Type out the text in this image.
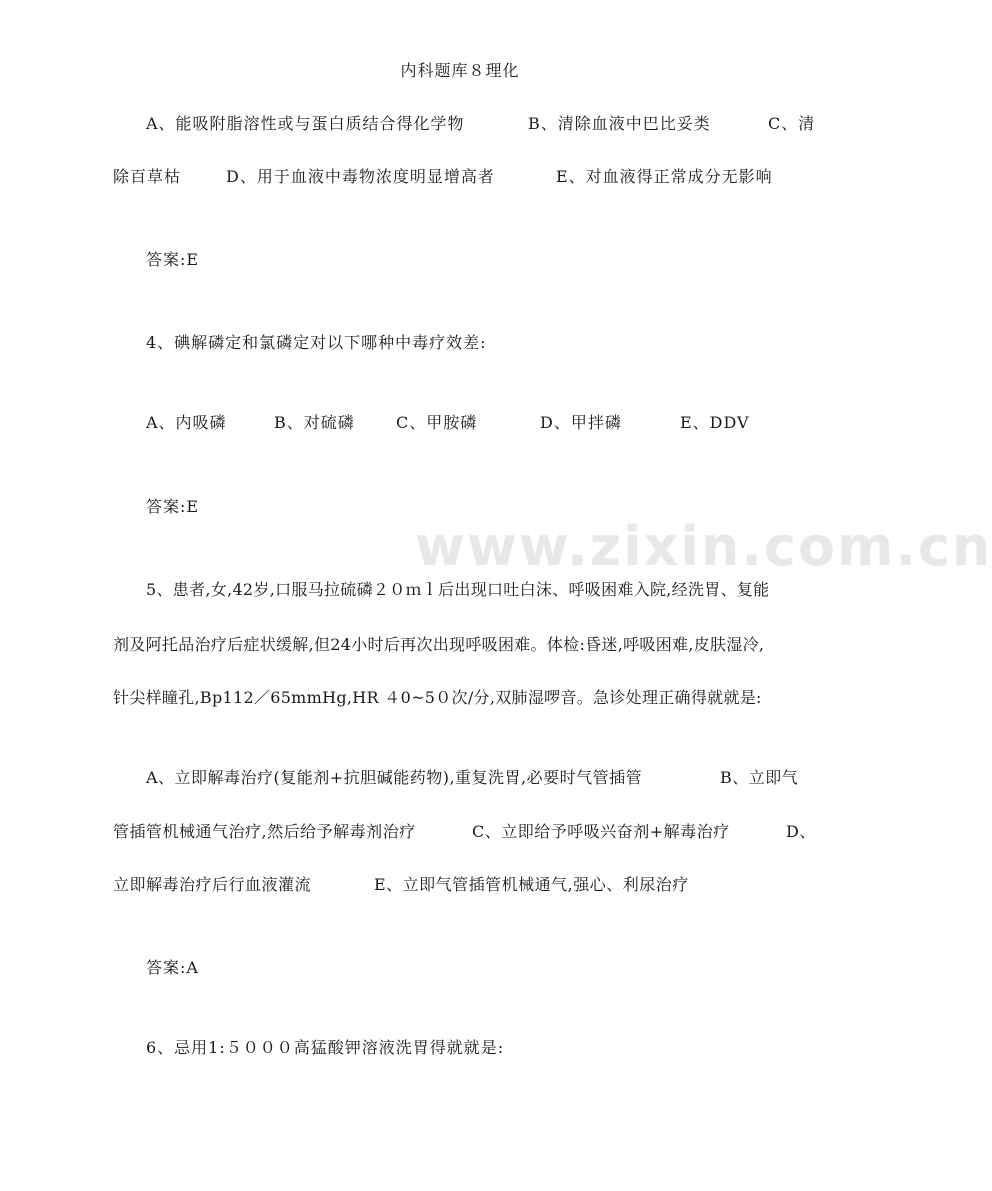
www.zixin.com.cn
内科题库８理化
A、能吸附脂溶性或与蛋白质结合得化学物	B、清除血液中巴比妥类	C、清
除百草枯	D、用于血液中毒物浓度明显增高者	E、对血液得正常成分无影响
答案:E
4、碘解磷定和氯磷定对以下哪种中毒疗效差:
A、内吸磷	B、对硫磷	C、甲胺磷	D、甲拌磷	E、DDV
答案:E
5、患者,女,42岁,口服马拉硫磷２０ｍｌ后出现口吐白沫、呼吸困难入院,经洗胃、复能
剂及阿托品治疗后症状缓解,但24小时后再次出现呼吸困难。体检:昏迷,呼吸困难,皮肤湿冷,
针尖样瞳孔,Bp112／65mmHg,HR ４0~5０次/分,双肺湿啰音。急诊处理正确得就就是:
A、立即解毒治疗(复能剂+抗胆碱能药物),重复洗胃,必要时气管插管	B、立即气
管插管机械通气治疗,然后给予解毒剂治疗	C、立即给予呼吸兴奋剂+解毒治疗	D、
立即解毒治疗后行血液灌流	E、立即气管插管机械通气,强心、利尿治疗
答案:A
6、忌用1:５０００高猛酸钾溶液洗胃得就就是:
